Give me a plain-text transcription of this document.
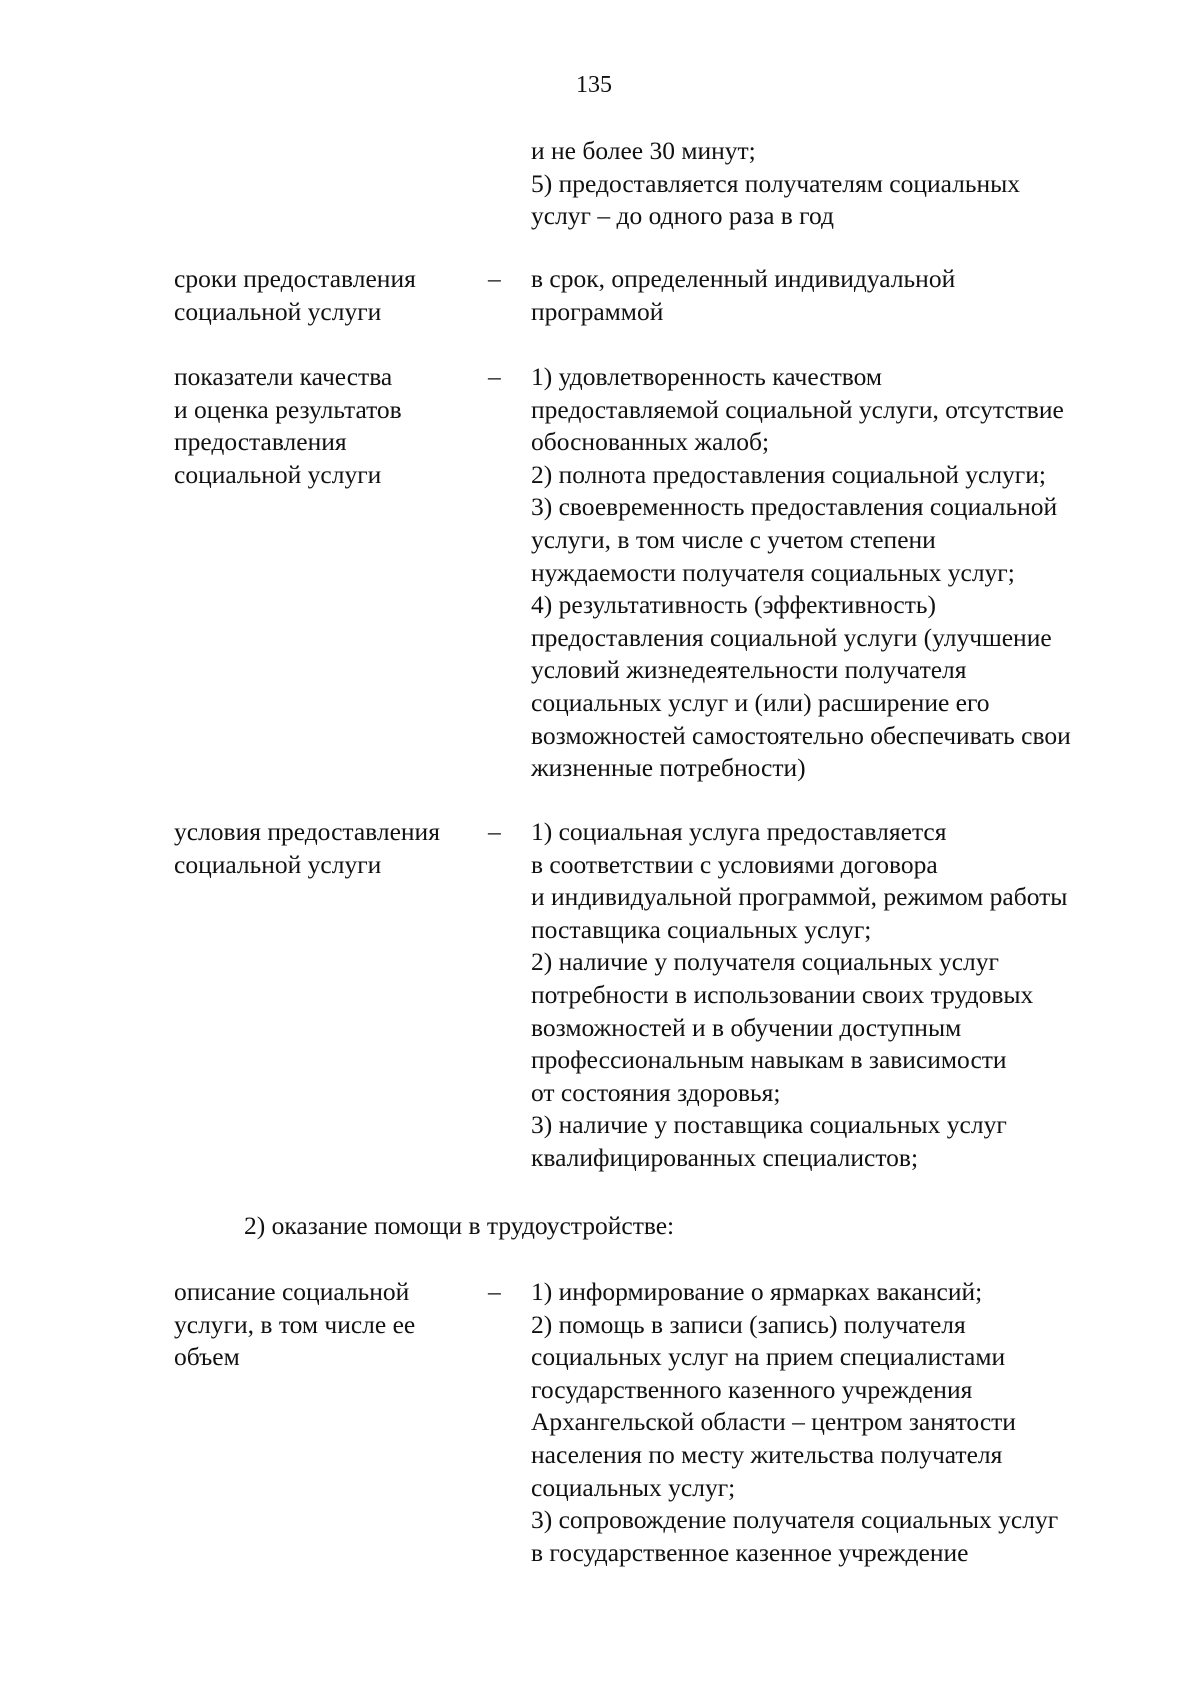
135
и не более 30 минут;
5) предоставляется получателям социальных
услуг – до одного раза в год
сроки предоставления
социальной услуги
– в срок, определенный индивидуальной
программой
показатели качества
и оценка результатов
предоставления
социальной услуги
– 1) удовлетворенность качеством
предоставляемой социальной услуги, отсутствие
обоснованных жалоб;
2) полнота предоставления социальной услуги;
3) своевременность предоставления социальной
услуги, в том числе с учетом степени
нуждаемости получателя социальных услуг;
4) результативность (эффективность)
предоставления социальной услуги (улучшение
условий жизнедеятельности получателя
социальных услуг и (или) расширение его
возможностей самостоятельно обеспечивать свои
жизненные потребности)
условия предоставления
социальной услуги
– 1) социальная услуга предоставляется
в соответствии с условиями договора
и индивидуальной программой, режимом работы
поставщика социальных услуг;
2) наличие у получателя социальных услуг
потребности в использовании своих трудовых
возможностей и в обучении доступным
профессиональным навыкам в зависимости
от состояния здоровья;
3) наличие у поставщика социальных услуг
квалифицированных специалистов;
2) оказание помощи в трудоустройстве:
описание социальной
услуги, в том числе ее
объем
– 1) информирование о ярмарках вакансий;
2) помощь в записи (запись) получателя
социальных услуг на прием специалистами
государственного казенного учреждения
Архангельской области – центром занятости
населения по месту жительства получателя
социальных услуг;
3) сопровождение получателя социальных услуг
в государственное казенное учреждение
